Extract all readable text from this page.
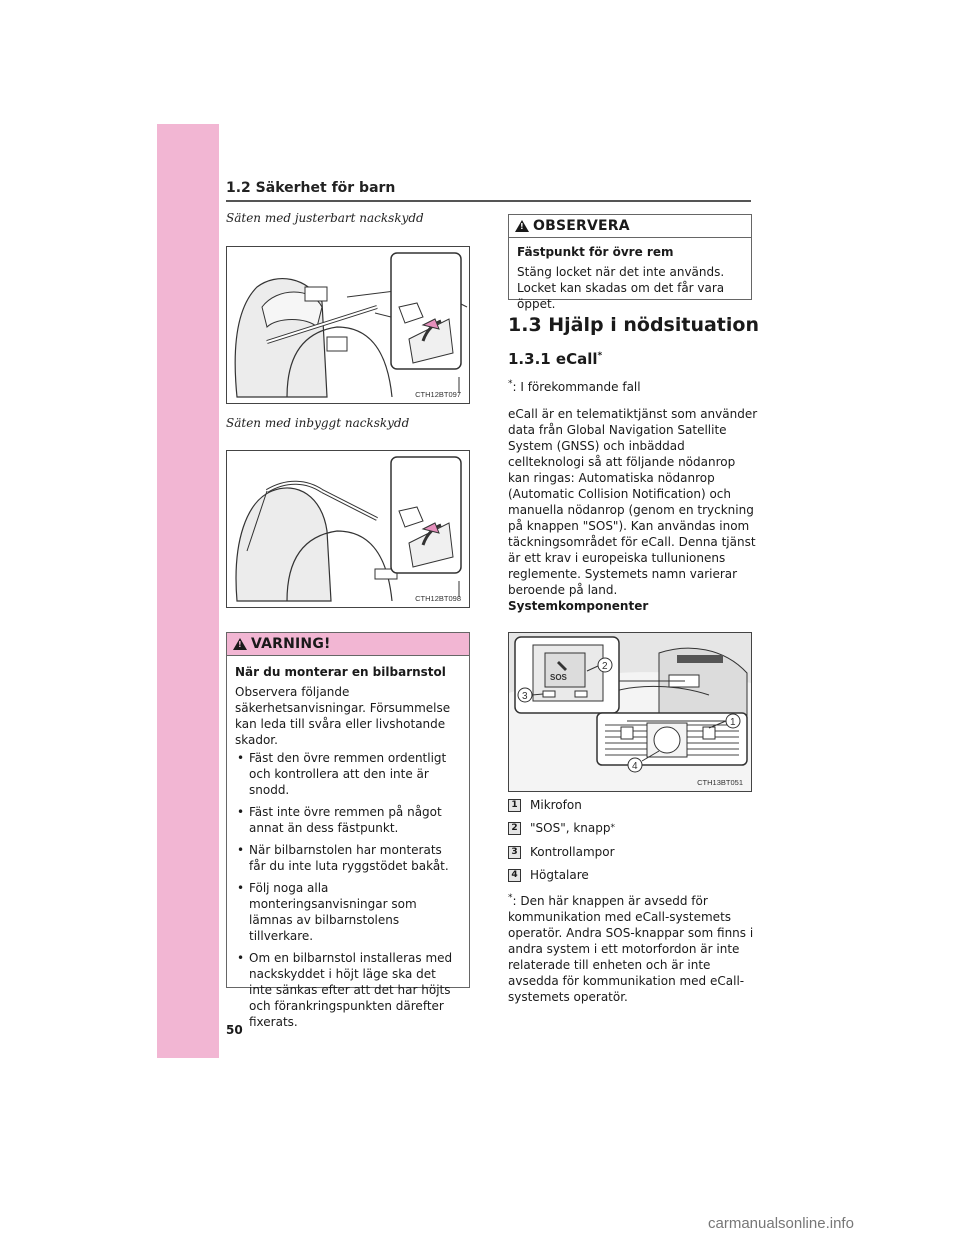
1.2 Säkerhet för barn
Säten med justerbart nackskydd
CTH12BT097
Säten med inbyggt nackskydd
CTH12BT098
! VARNING!
När du monterar en bilbarnstol
Observera följande säkerhetsanvisningar. Försummelse kan leda till svåra eller livshotande skador.
• Fäst den övre remmen ordentligt och kontrollera att den inte är snodd.
• Fäst inte övre remmen på något annat än dess fästpunkt.
• När bilbarnstolen har monterats får du inte luta ryggstödet bakåt.
• Följ noga alla monteringsanvisningar som lämnas av bilbarnstolens tillverkare.
• Om en bilbarnstol installeras med nackskyddet i höjt läge ska det inte sänkas efter att det har höjts och förankringspunkten därefter fixerats.
50
! OBSERVERA
Fästpunkt för övre rem
Stäng locket när det inte används. Locket kan skadas om det får vara öppet.
1.3 Hjälp i nödsituation
1.3.1 eCall*
*: I förekommande fall
eCall är en telematiktjänst som använder data från Global Navigation Satellite System (GNSS) och inbäddad cellteknologi så att följande nödanrop kan ringas: Automatiska nödanrop (Automatic Collision Notification) och manuella nödanrop (genom en tryckning på knappen "SOS"). Kan användas inom täckningsområdet för eCall. Denna tjänst är ett krav i europeiska tullunionens reglemente. Systemets namn varierar beroende på land.
Systemkomponenter
SOS
2
3
1
4
CTH13BT051
1 Mikrofon
2 "SOS", knapp *
3 Kontrollampor
4 Högtalare
*: Den här knappen är avsedd för kommunikation med eCall-systemets operatör. Andra SOS-knappar som finns i andra system i ett motorfordon är inte relaterade till enheten och är inte avsedda för kommunikation med eCall-systemets operatör.
carmanualsonline.info
